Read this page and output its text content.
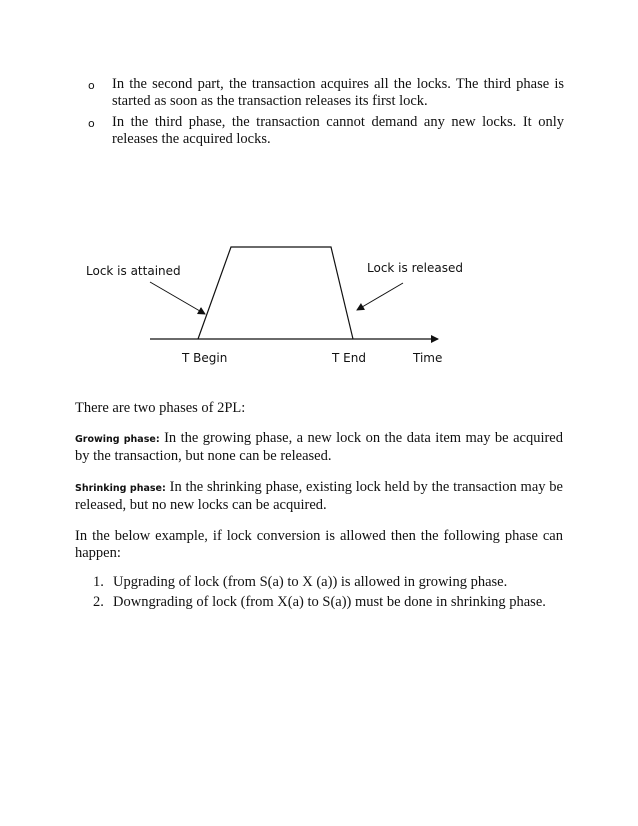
o In the second part, the transaction acquires all the locks. The third phase is started as soon as the transaction releases its first lock.
o In the third phase, the transaction cannot demand any new locks. It only releases the acquired locks.
Lock is attained	Lock is released
T Begin	T End	Time

There are two phases of 2PL:

Growing phase: In the growing phase, a new lock on the data item may be acquired by the transaction, but none can be released.

Shrinking phase: In the shrinking phase, existing lock held by the transaction may be released, but no new locks can be acquired.

In the below example, if lock conversion is allowed then the following phase can happen:

1. Upgrading of lock (from S(a) to X (a)) is allowed in growing phase.
2. Downgrading of lock (from X(a) to S(a)) must be done in shrinking phase.
